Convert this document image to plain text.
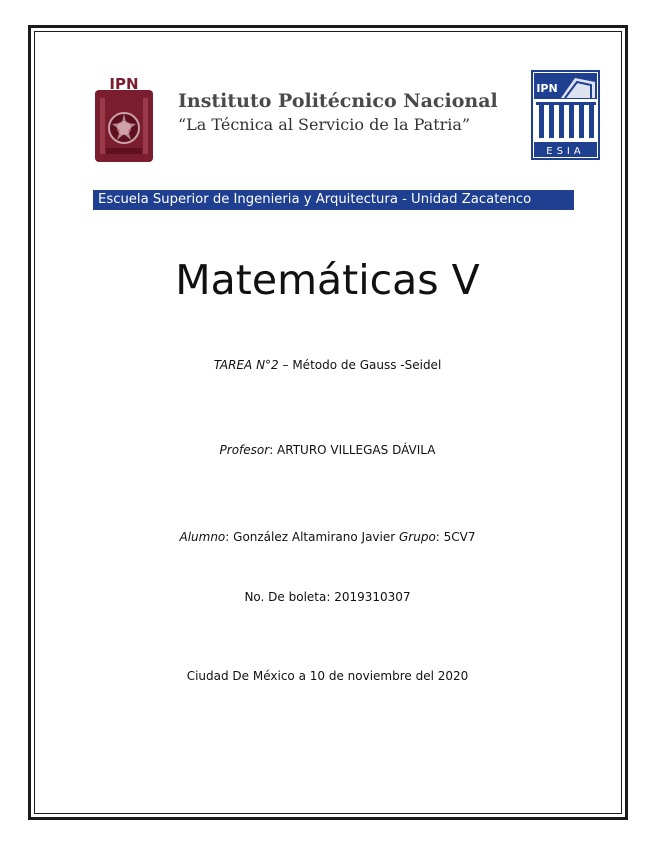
IPN
Instituto Politécnico Nacional
“La Técnica al Servicio de la Patria”
IPN
ESIA
Escuela Superior de Ingenieria y Arquitectura - Unidad Zacatenco
Matemáticas V
TAREA N°2 – Método de Gauss -Seidel
Profesor: ARTURO VILLEGAS DÁVILA
Alumno: González Altamirano Javier Grupo: 5CV7
No. De boleta: 2019310307
Ciudad De México a 10 de noviembre del 2020
